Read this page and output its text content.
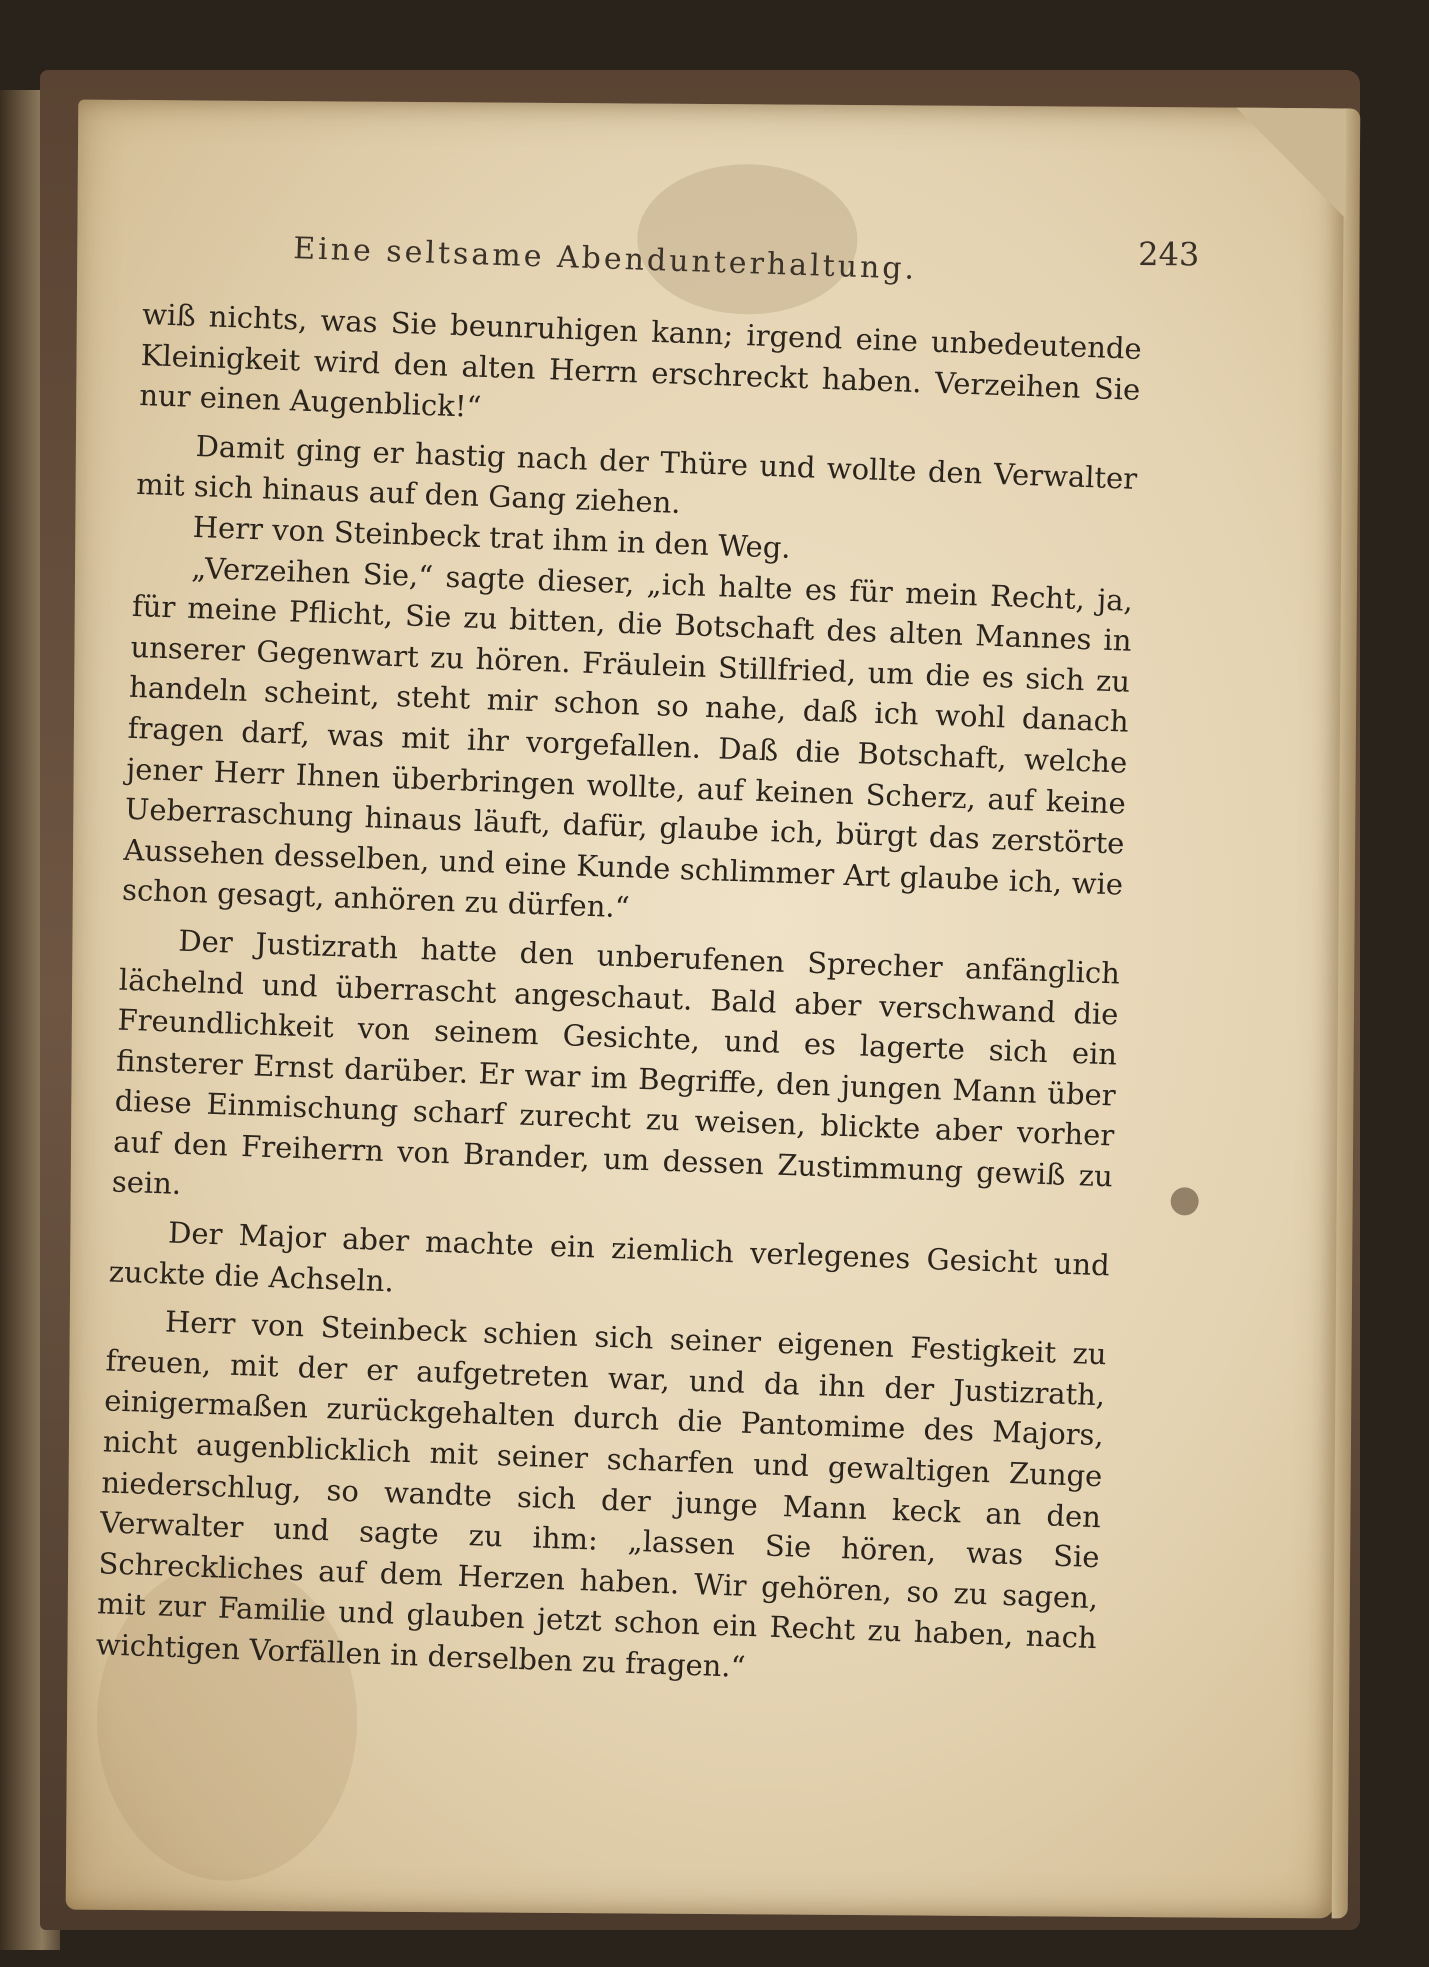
Eine seltsame Abendunterhaltung.	243

wiß nichts, was Sie beunruhigen kann; irgend eine unbedeutende Kleinigkeit wird den alten Herrn erschreckt haben. Verzeihen Sie nur einen Augenblick!“

Damit ging er hastig nach der Thüre und wollte den Verwalter mit sich hinaus auf den Gang ziehen.

Herr von Steinbeck trat ihm in den Weg.

„Verzeihen Sie,“ sagte dieser, „ich halte es für mein Recht, ja, für meine Pflicht, Sie zu bitten, die Botschaft des alten Mannes in unserer Gegenwart zu hören. Fräulein Stillfried, um die es sich zu handeln scheint, steht mir schon so nahe, daß ich wohl danach fragen darf, was mit ihr vorgefallen. Daß die Botschaft, welche jener Herr Ihnen überbringen wollte, auf keinen Scherz, auf keine Ueberraschung hinaus läuft, dafür, glaube ich, bürgt das zerstörte Aussehen desselben, und eine Kunde schlimmer Art glaube ich, wie schon gesagt, anhören zu dürfen.“

Der Justizrath hatte den unberufenen Sprecher anfänglich lächelnd und überrascht angeschaut. Bald aber verschwand die Freundlichkeit von seinem Gesichte, und es lagerte sich ein finsterer Ernst darüber. Er war im Begriffe, den jungen Mann über diese Einmischung scharf zurecht zu weisen, blickte aber vorher auf den Freiherrn von Brander, um dessen Zustimmung gewiß zu sein.

Der Major aber machte ein ziemlich verlegenes Gesicht und zuckte die Achseln.

Herr von Steinbeck schien sich seiner eigenen Festigkeit zu freuen, mit der er aufgetreten war, und da ihn der Justizrath, einigermaßen zurückgehalten durch die Pantomime des Majors, nicht augenblicklich mit seiner scharfen und gewaltigen Zunge niederschlug, so wandte sich der junge Mann keck an den Verwalter und sagte zu ihm: „lassen Sie hören, was Sie Schreckliches auf dem Herzen haben. Wir gehören, so zu sagen, mit zur Familie und glauben jetzt schon ein Recht zu haben, nach wichtigen Vorfällen in derselben zu fragen.“
